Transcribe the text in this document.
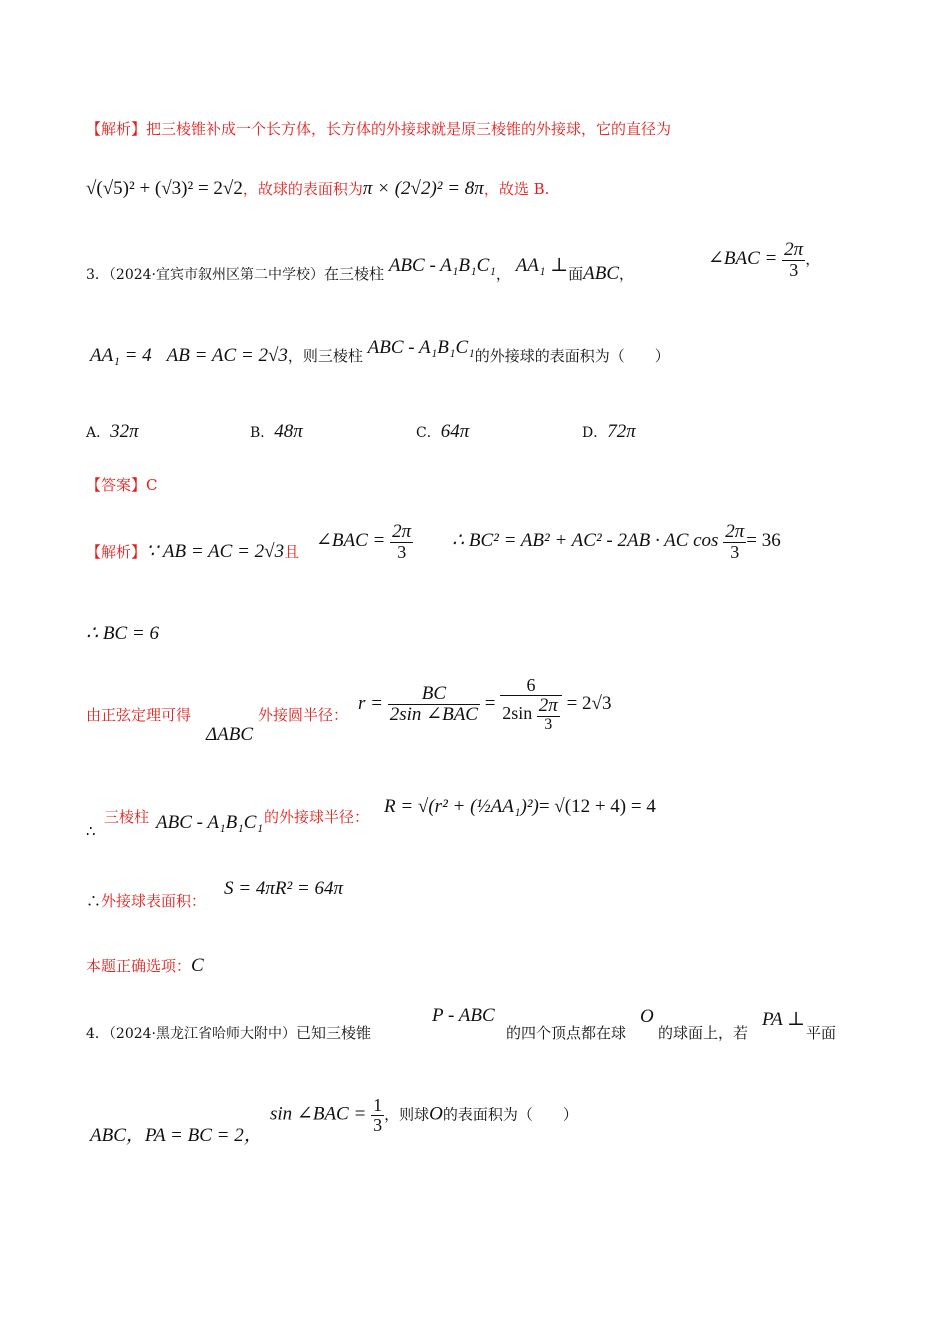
【解析】把三棱锥补成一个长方体，长方体的外接球就是原三棱锥的外接球，它的直径为
√(√5)² + (√3)² = 2√2，故球的表面积为π × (2√2)² = 8π，故选 B.
3．（2024·宜宾市叙州区第二中学校）在三棱柱 ABC - A₁B₁C₁， AA₁ ⊥面ABC，
∠BAC = $\frac{2\pi}{3}$ ，
AA₁ = 4　 AB = AC = 2√3，则三棱柱 ABC - A₁B₁C₁的外接球的表面积为（　　）
A．32π	B．48π	C．64π	D．72π
【答案】C
【解析】∵ AB = AC = 2√3且
∠BAC = $\frac{2\pi}{3}$ ∴ BC² = AB² + AC² - 2AB · AC $\cos \frac{2\pi}{3} = 36$
∴ BC = 6
由正弦定理可得
ΔABC
外接圆半径：
$r = \frac{BC}{\text{2sin ∠BAC}} = \frac{6}{2\sin \frac{2\pi}{3}} = 2√3$
∴
三棱柱 ABC - A₁B₁C₁ 的外接球半径： R = √(r² + (½AA₁)²)= √(12 + 4) = 4
∴外接球表面积：
S = 4πR² = 64π
本题正确选项：C
4．（2024·黑龙江省哈师大附中）已知三棱锥
P - ABC
的四个顶点都在球
O
的球面上，若
PA ⊥
平面
ABC，PA = BC = 2，
sin ∠BAC = $\frac{1}{3}$ ，则球O的表面积为（　　）
